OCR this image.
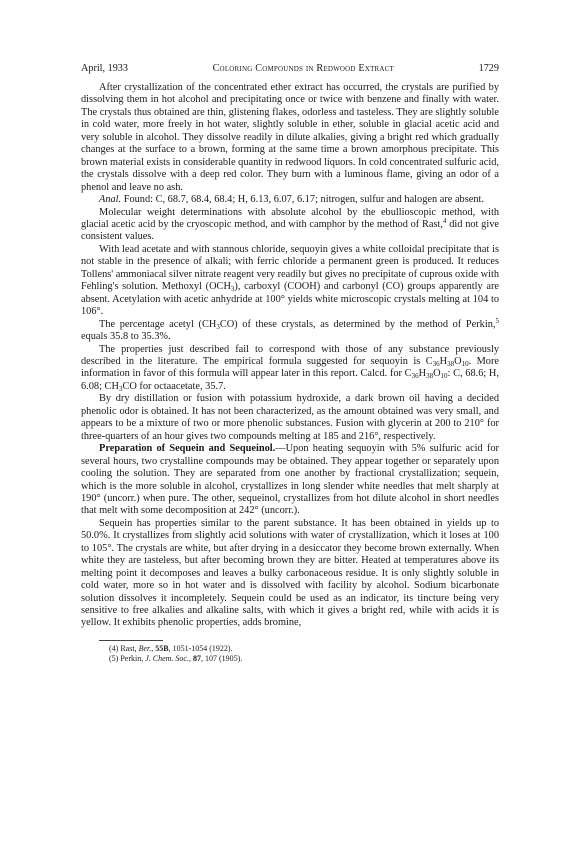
April, 1933	Coloring Compounds in Redwood Extract	1729

After crystallization of the concentrated ether extract has occurred, the crystals are purified by dissolving them in hot alcohol and precipitating once or twice with benzene and finally with water. The crystals thus obtained are thin, glistening flakes, odorless and tasteless. They are slightly soluble in cold water, more freely in hot water, slightly soluble in ether, soluble in glacial acetic acid and very soluble in alcohol. They dissolve readily in dilute alkalies, giving a bright red which gradually changes at the surface to a brown, forming at the same time a brown amorphous precipitate. This brown material exists in considerable quantity in redwood liquors. In cold concentrated sulfuric acid, the crystals dissolve with a deep red color. They burn with a luminous flame, giving an odor of a phenol and leave no ash.

Anal. Found: C, 68.7, 68.4, 68.4; H, 6.13, 6.07, 6.17; nitrogen, sulfur and halogen are absent.

Molecular weight determinations with absolute alcohol by the ebullioscopic method, with glacial acetic acid by the cryoscopic method, and with camphor by the method of Rast,$^4$ did not give consistent values.

With lead acetate and with stannous chloride, sequoyin gives a white colloidal precipitate that is not stable in the presence of alkali; with ferric chloride a permanent green is produced. It reduces Tollens' ammoniacal silver nitrate reagent very readily but gives no precipitate of cuprous oxide with Fehling's solution. Methoxyl $(OCH_3)$, carboxyl (COOH) and carbonyl (CO) groups apparently are absent. Acetylation with acetic anhydride at 100° yields white microscopic crystals melting at 104 to 106°.

The percentage acetyl $(CH_3CO)$ of these crystals, as determined by the method of Perkin,$^5$ equals 35.8 to 35.3%.

The properties just described fail to correspond with those of any substance previously described in the literature. The empirical formula suggested for sequoyin is $C_{36}H_{38}O_{10}$. More information in favor of this formula will appear later in this report. Calcd. for $C_{36}H_{38}O_{10}$: C, 68.6; H, 6.08; $CH_3CO$ for octaacetate, 35.7.

By dry distillation or fusion with potassium hydroxide, a dark brown oil having a decided phenolic odor is obtained. It has not been characterized, as the amount obtained was very small, and appears to be a mixture of two or more phenolic substances. Fusion with glycerin at 200 to 210° for three-quarters of an hour gives two compounds melting at 185 and 216°, respectively.

Preparation of Sequein and Sequeinol.—Upon heating sequoyin with 5% sulfuric acid for several hours, two crystalline compounds may be obtained. They appear together or separately upon cooling the solution. They are separated from one another by fractional crystallization; sequein, which is the more soluble in alcohol, crystallizes in long slender white needles that melt sharply at 190° (uncorr.) when pure. The other, sequeinol, crystallizes from hot dilute alcohol in short needles that melt with some decomposition at 242° (uncorr.).

Sequein has properties similar to the parent substance. It has been obtained in yields up to 50.0%. It crystallizes from slightly acid solutions with water of crystallization, which it loses at 100 to 105°. The crystals are white, but after drying in a desiccator they become brown externally. When white they are tasteless, but after becoming brown they are bitter. Heated at temperatures above its melting point it decomposes and leaves a bulky carbonaceous residue. It is only slightly soluble in cold water, more so in hot water and is dissolved with facility by alcohol. Sodium bicarbonate solution dissolves it incompletely. Sequein could be used as an indicator, its tincture being very sensitive to free alkalies and alkaline salts, with which it gives a bright red, while with acids it is yellow. It exhibits phenolic properties, adds bromine,

(4) Rast, Ber., 55B, 1051-1054 (1922).
(5) Perkin, J. Chem. Soc., 87, 107 (1905).
